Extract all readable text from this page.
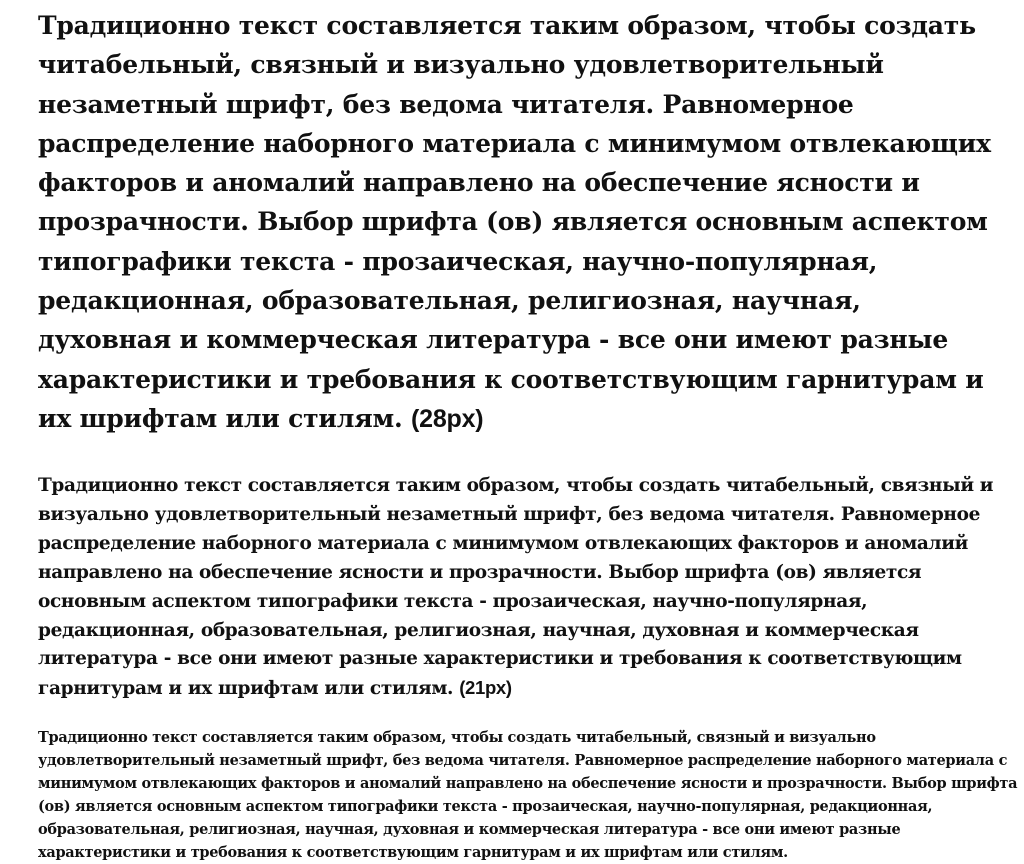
Традиционно текст составляется таким образом, чтобы создать читабельный, связный и визуально удовлетворительный незаметный шрифт, без ведома читателя. Равномерное распределение наборного материала с минимумом отвлекающих факторов и аномалий направлено на обеспечение ясности и прозрачности. Выбор шрифта (ов) является основным аспектом типографики текста - прозаическая, научно-популярная, редакционная, образовательная, религиозная, научная, духовная и коммерческая литература - все они имеют разные характеристики и требования к соответствующим гарнитурам и их шрифтам или стилям. (28px)

Традиционно текст составляется таким образом, чтобы создать читабельный, связный и визуально удовлетворительный незаметный шрифт, без ведома читателя. Равномерное распределение наборного материала с минимумом отвлекающих факторов и аномалий направлено на обеспечение ясности и прозрачности. Выбор шрифта (ов) является основным аспектом типографики текста - прозаическая, научно-популярная, редакционная, образовательная, религиозная, научная, духовная и коммерческая литература - все они имеют разные характеристики и требования к соответствующим гарнитурам и их шрифтам или стилям. (21px)

Традиционно текст составляется таким образом, чтобы создать читабельный, связный и визуально удовлетворительный незаметный шрифт, без ведома читателя. Равномерное распределение наборного материала с минимумом отвлекающих факторов и аномалий направлено на обеспечение ясности и прозрачности. Выбор шрифта (ов) является основным аспектом типографики текста - прозаическая, научно-популярная, редакционная, образовательная, религиозная, научная, духовная и коммерческая литература - все они имеют разные характеристики и требования к соответствующим гарнитурам и их шрифтам или стилям.
